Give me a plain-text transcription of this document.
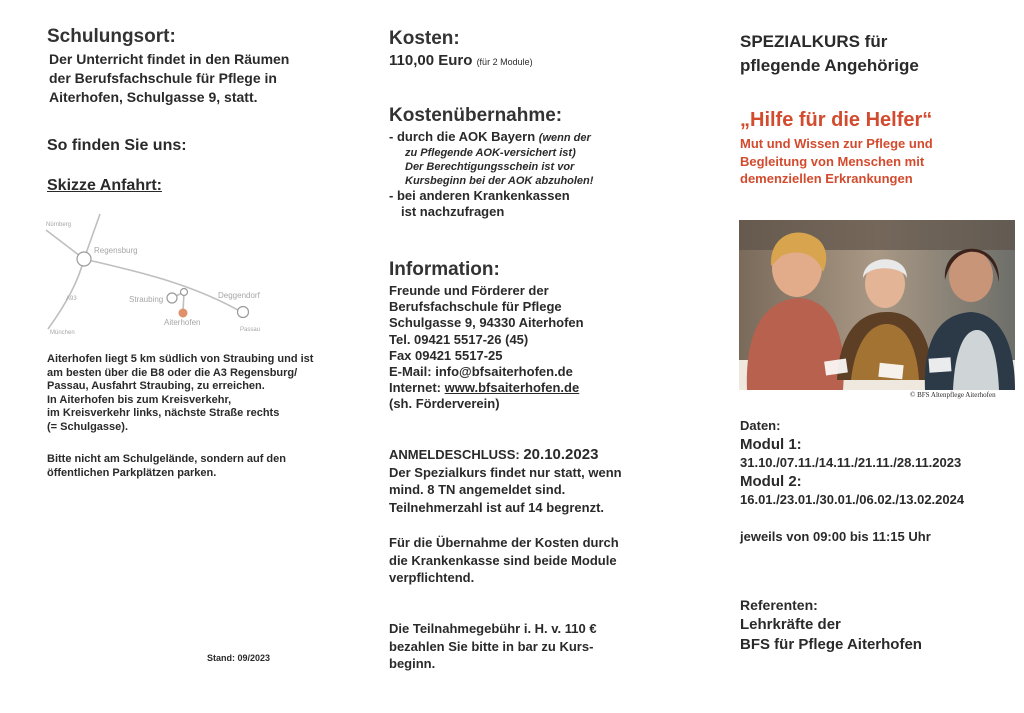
Schulungsort:
Der Unterricht findet in den Räumen
der Berufsfachschule für Pflege in
Aiterhofen, Schulgasse 9, statt.
So finden Sie uns:
Skizze Anfahrt:
Nürnberg
Regensburg
Straubing	Deggendorf
Aiterhofen
München	Passau
A93
Aiterhofen liegt 5 km südlich von Straubing und ist
am besten über die B8 oder die A3 Regensburg/
Passau, Ausfahrt Straubing, zu erreichen.
In Aiterhofen bis zum Kreisverkehr,
im Kreisverkehr links, nächste Straße rechts
(= Schulgasse).
Bitte nicht am Schulgelände, sondern auf den
öffentlichen Parkplätzen parken.
Stand: 09/2023
Kosten:
110,00 Euro (für 2 Module)
Kostenübernahme:
- durch die AOK Bayern (wenn der
zu Pflegende AOK-versichert ist)
Der Berechtigungsschein ist vor
Kursbeginn bei der AOK abzuholen!
- bei anderen Krankenkassen
ist nachzufragen
Information:
Freunde und Förderer der
Berufsfachschule für Pflege
Schulgasse 9, 94330 Aiterhofen
Tel. 09421 5517-26 (45)
Fax 09421 5517-25
E-Mail: info@bfsaiterhofen.de
Internet: www.bfsaiterhofen.de
(sh. Förderverein)
ANMELDESCHLUSS: 20.10.2023
Der Spezialkurs findet nur statt, wenn
mind. 8 TN angemeldet sind.
Teilnehmerzahl ist auf 14 begrenzt.
Für die Übernahme der Kosten durch
die Krankenkasse sind beide Module
verpflichtend.
Die Teilnahmegebühr i. H. v. 110 €
bezahlen Sie bitte in bar zu Kurs-
beginn.
SPEZIALKURS für
pflegende Angehörige
„Hilfe für die Helfer“
Mut und Wissen zur Pflege und
Begleitung von Menschen mit
demenziellen Erkrankungen
© BFS Altenpflege Aiterhofen
Daten:
Modul 1:
31.10./07.11./14.11./21.11./28.11.2023
Modul 2:
16.01./23.01./30.01./06.02./13.02.2024
jeweils von 09:00 bis 11:15 Uhr
Referenten:
Lehrkräfte der
BFS für Pflege Aiterhofen
